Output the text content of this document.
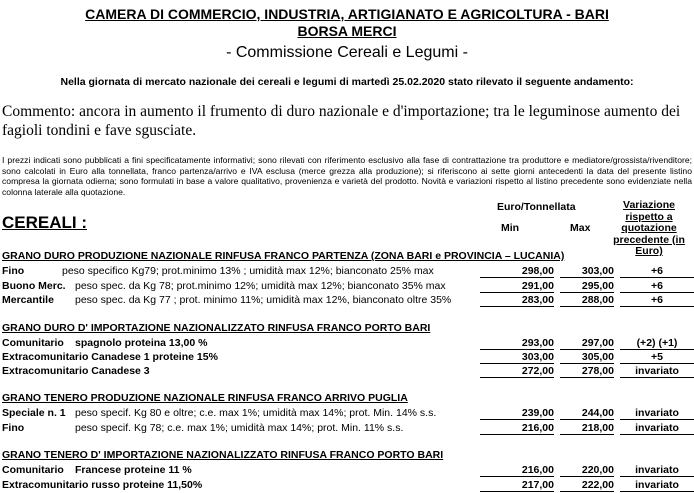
CAMERA DI COMMERCIO, INDUSTRIA, ARTIGIANATO E AGRICOLTURA - BARI
BORSA MERCI
- Commissione Cereali e Legumi -
Nella giornata di mercato nazionale dei cereali e legumi di martedì 25.02.2020 stato rilevato il seguente andamento:
Commento: ancora in aumento il frumento di duro nazionale e d'importazione; tra le leguminose aumento dei fagioli tondini e fave sgusciate.
I prezzi indicati sono pubblicati a fini specificatamente informativi; sono rilevati con riferimento esclusivo alla fase di contrattazione tra produttore e mediatore/grossista/rivenditore; sono calcolati in Euro alla tonnellata, franco partenza/arrivo e IVA esclusa (merce grezza alla produzione); si riferiscono ai sette giorni antecedenti la data del presente listino compresa la giornata odierna; sono formulati in base a valore qualitativo, provenienza e varietà del prodotto. Novità e variazioni rispetto al listino precedente sono evidenziate nella colonna laterale alla quotazione.
CEREALI :
Euro/Tonnellata
Min	Max
Variazione rispetto a quotazione precedente (in Euro)
GRANO DURO PRODUZIONE NAZIONALE RINFUSA FRANCO PARTENZA (ZONA BARI e PROVINCIA – LUCANIA)
Fino	peso specifico Kg79; prot.minimo 13% ; umidità max 12%; bianconato 25% max	298,00	303,00	+6
Buono Merc. peso spec. da Kg 78; prot.minimo 12%; umidità max 12%; bianconato 35% max	291,00	295,00	+6
Mercantile peso spec. da Kg 77 ; prot. minimo 11%; umidità max 12%, bianconato oltre 35%	283,00	288,00	+6
GRANO DURO D' IMPORTAZIONE NAZIONALIZZATO RINFUSA FRANCO PORTO BARI
Comunitario spagnolo proteina 13,00 %	293,00	297,00	(+2) (+1)
Extracomunitario Canadese 1 proteine 15%	303,00	305,00	+5
Extracomunitario Canadese 3	272,00	278,00	invariato
GRANO TENERO PRODUZIONE NAZIONALE RINFUSA FRANCO ARRIVO PUGLIA
Speciale n. 1 peso specif. Kg 80 e oltre; c.e. max 1%; umidità max 14%; prot. Min. 14% s.s.	239,00	244,00	invariato
Fino	peso specif. Kg 78; c.e. max 1%; umidità max 14%; prot. Min. 11% s.s.	216,00	218,00	invariato
GRANO TENERO D' IMPORTAZIONE NAZIONALIZZATO RINFUSA FRANCO PORTO BARI
Comunitario Francese proteine 11 %	216,00	220,00	invariato
Extracomunitario russo proteine 11,50%	217,00	222,00	invariato
